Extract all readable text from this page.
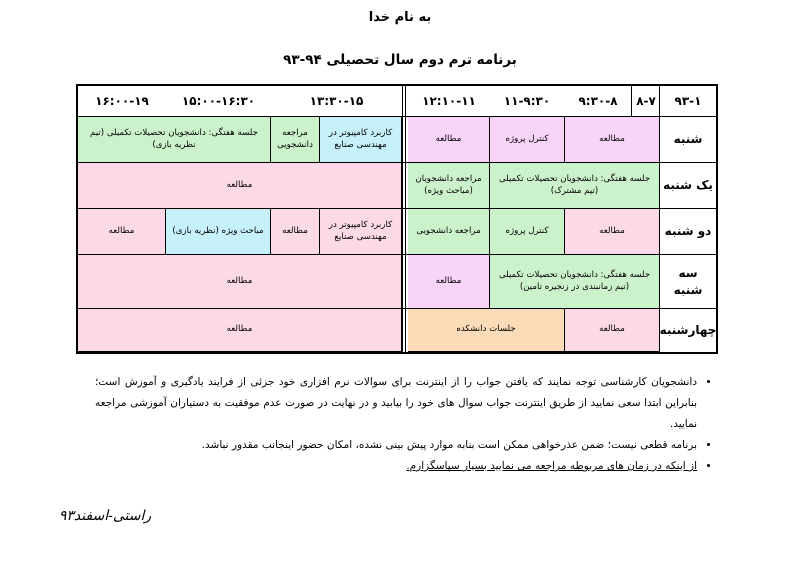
به نام خدا
برنامه ترم دوم سال تحصیلی ۹۴-۹۳
۹۳-۱
۸-۷
۹:۳۰-۸
۱۱-۹:۳۰
۱۲:۱۰-۱۱
۱۳:۳۰-۱۵
۱۵:۰۰-۱۶:۳۰
۱۶:۰۰-۱۹
شنبه
یک شنبه
دو شنبه
سه شنبه
چهارشنبه
مطالعه
کنترل پروژه
مطالعه
کاربرد کامپیوتر در مهندسی صنایع
مراجعه دانشجویی
جلسه هفتگی: دانشجویان تحصیلات تکمیلی (تیم نظریه بازی)
جلسه هفتگی: دانشجویان تحصیلات تکمیلی (تیم مشترک)
مراجعه دانشجویان (مباحث ویژه)
مطالعه
مطالعه
کنترل پروژه
مراجعه دانشجویی
کاربرد کامپیوتر در مهندسی صنایع
مطالعه
مباحث ویژه (نظریه بازی)
مطالعه
جلسه هفتگی: دانشجویان تحصیلات تکمیلی (تیم زمانبندی در زنجیره تامین)
مطالعه
مطالعه
مطالعه
جلسات دانشکده
مطالعه
• دانشجویان کارشناسی توجه نمایند که یافتن جواب را از اینترنت برای سوالات نرم افزاری خود جزئی از فرایند یادگیری و آموزش است؛ بنابراین ابتدا سعی نمایید از طریق اینترنت جواب سوال های خود را بیابید و در نهایت در صورت عدم موفقیت به دستیاران آموزشی مراجعه نمایید.
• برنامه قطعی نیست؛ ضمن عذرخواهی ممکن است بنابه موارد پیش بینی نشده، امکان حضور اینجانب مقدور نباشد.
• از اینکه در زمان های مربوطه مراجعه می نمایید بسیار سپاسگزارم.
راستی-اسفند۹۳
